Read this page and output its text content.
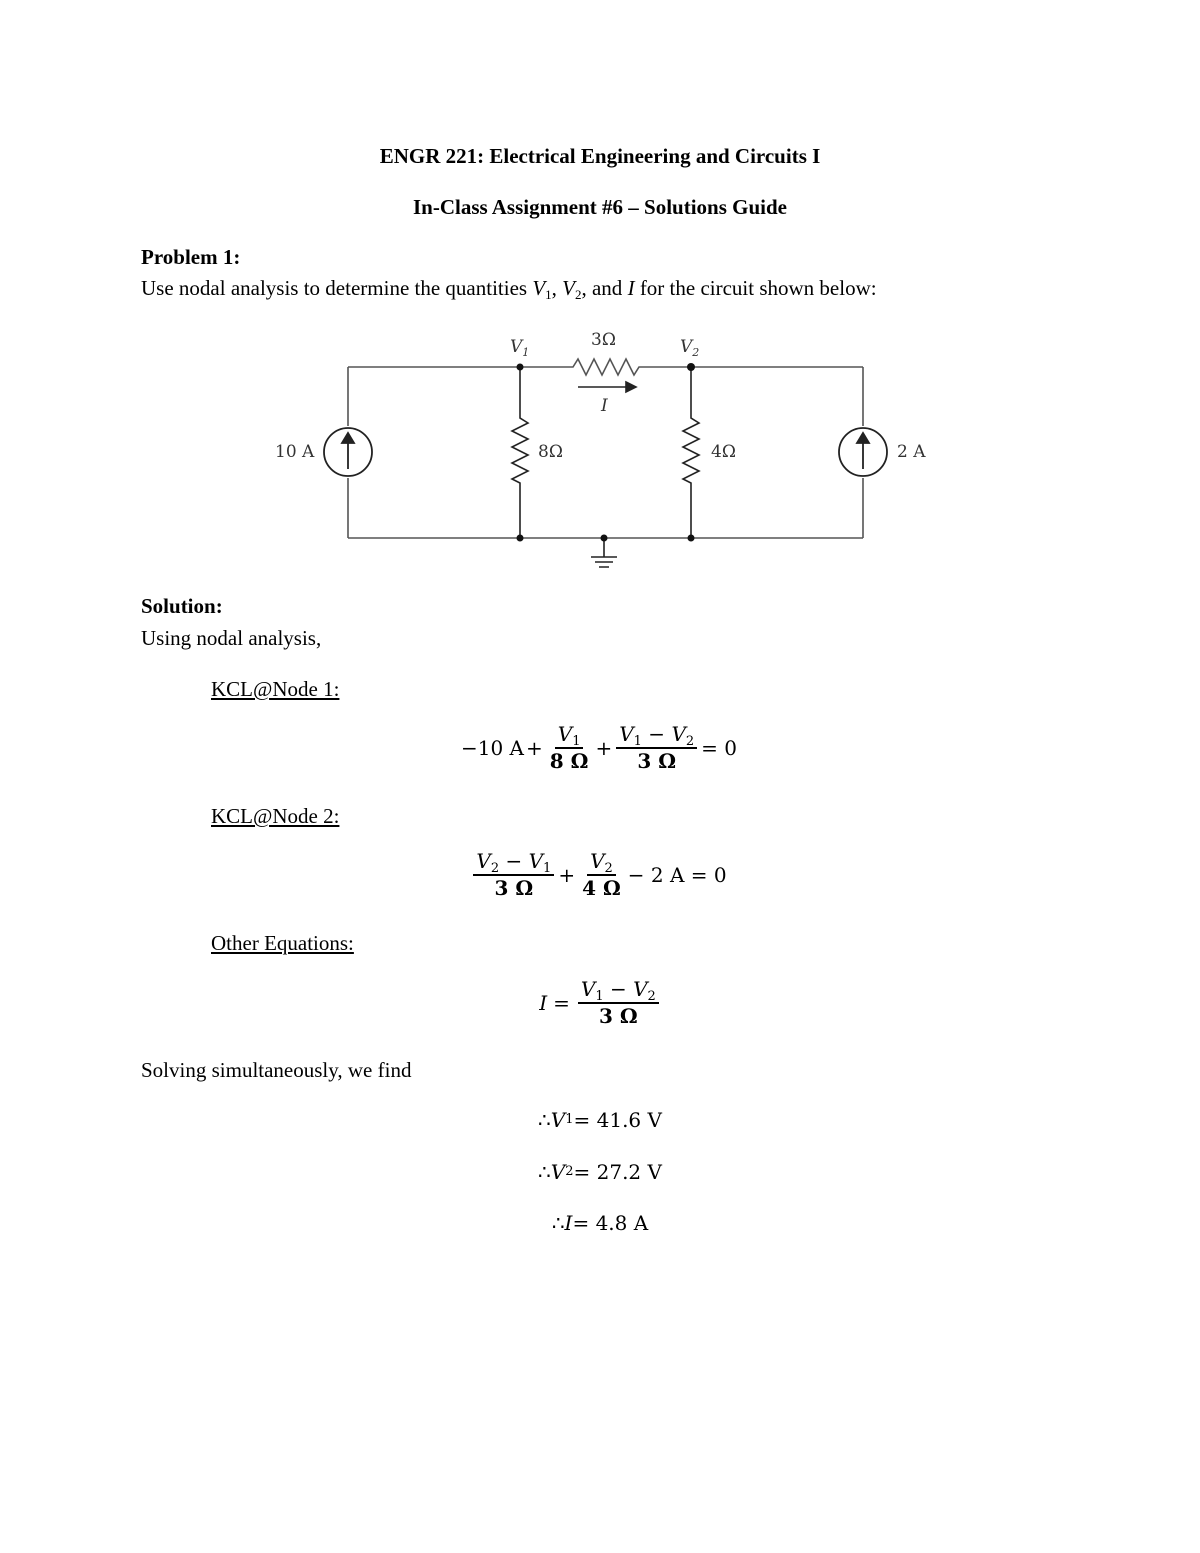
ENGR 221: Electrical Engineering and Circuits I
In-Class Assignment #6 – Solutions Guide
Problem 1:
Use nodal analysis to determine the quantities $V_1$, $V_2$, and I for the circuit shown below:
$V_1$	$V_2$
3Ω
I
10 A	8Ω	4Ω	2 A
Solution:
Using nodal analysis,
KCL@Node 1:
−10 $A + \frac{V_1}{8 \Omega} + \frac{V_1 - V_2}{3 \Omega} = 0$
KCL@Node 2:
$\frac{V_2 - V_1}{3 \Omega} + \frac{V_2}{4 \Omega} - 2$ A = 0
Other Equations:
$I = \frac{V_1 - V_2}{3 \Omega}$
Solving simultaneously, we find
∴ V 1 = 41.6 V
∴ V 2 = 27.2 V
∴ I = 4.8 A
